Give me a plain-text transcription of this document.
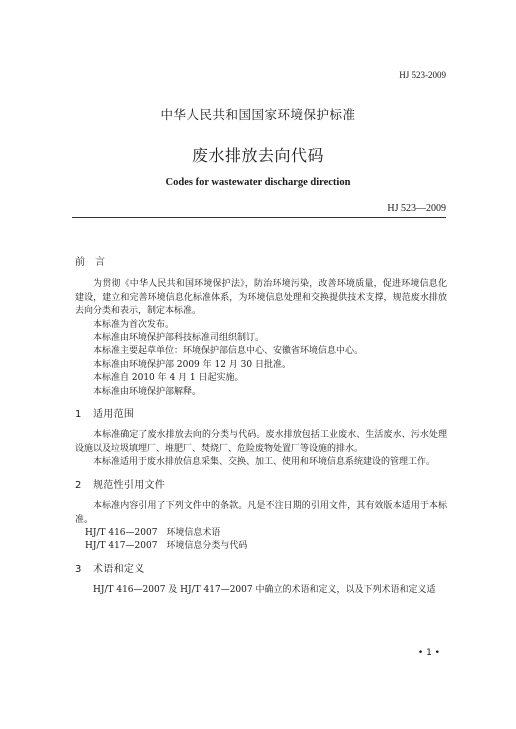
HJ 523-2009
中华人民共和国国家环境保护标准
废水排放去向代码
Codes for wastewater discharge direction
HJ 523—2009
前言

为贯彻《中华人民共和国环境保护法》，防治环境污染，改善环境质量，促进环境信息化建设，建立和完善环境信息化标准体系，为环境信息处理和交换提供技术支撑，规范废水排放去向分类和表示，制定本标准。

本标准为首次发布。

本标准由环境保护部科技标准司组织制订。

本标准主要起草单位：环境保护部信息中心、安徽省环境信息中心。

本标准由环境保护部 2009 年 12 月 30 日批准。

本标准自 2010 年 4 月 1 日起实施。

本标准由环境保护部解释。

1 适用范围

本标准确定了废水排放去向的分类与代码。废水排放包括工业废水、生活废水、污水处理设施以及垃圾填埋厂、堆肥厂、焚烧厂、危险废物处置厂等设施的排水。

本标准适用于废水排放信息采集、交换、加工、使用和环境信息系统建设的管理工作。

2 规范性引用文件

本标准内容引用了下列文件中的条款。凡是不注日期的引用文件，其有效版本适用于本标准。

HJ/T 416—2007　环境信息术语

HJ/T 417—2007　环境信息分类与代码

3 术语和定义

HJ/T 416—2007 及 HJ/T 417—2007 中确立的术语和定义，以及下列术语和定义适

• 1 •
